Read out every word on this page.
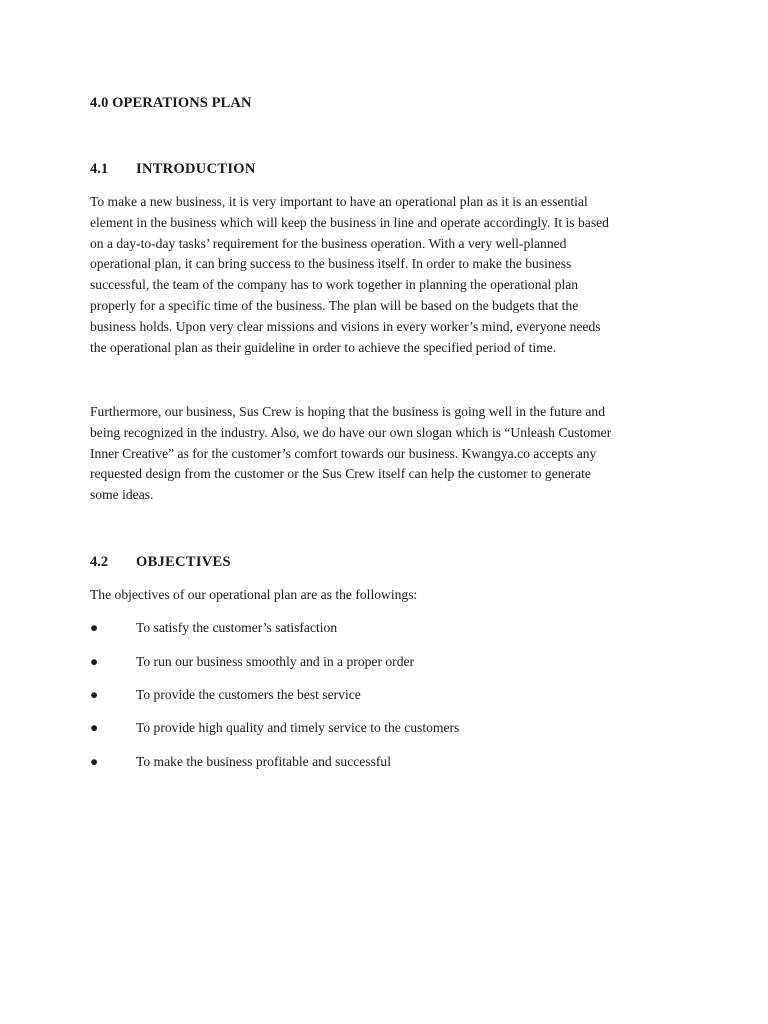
4.0 OPERATIONS PLAN
4.1 INTRODUCTION
To make a new business, it is very important to have an operational plan as it is an essential
element in the business which will keep the business in line and operate accordingly. It is based
on a day-to-day tasks’ requirement for the business operation. With a very well-planned
operational plan, it can bring success to the business itself. In order to make the business
successful, the team of the company has to work together in planning the operational plan
properly for a specific time of the business. The plan will be based on the budgets that the
business holds. Upon very clear missions and visions in every worker’s mind, everyone needs
the operational plan as their guideline in order to achieve the specified period of time.
Furthermore, our business, Sus Crew is hoping that the business is going well in the future and
being recognized in the industry. Also, we do have our own slogan which is “Unleash Customer
Inner Creative” as for the customer’s comfort towards our business. Kwangya.co accepts any
requested design from the customer or the Sus Crew itself can help the customer to generate
some ideas.
4.2 OBJECTIVES
The objectives of our operational plan are as the followings:
●	To satisfy the customer’s satisfaction
●	To run our business smoothly and in a proper order
●	To provide the customers the best service
●	To provide high quality and timely service to the customers
●	To make the business profitable and successful
